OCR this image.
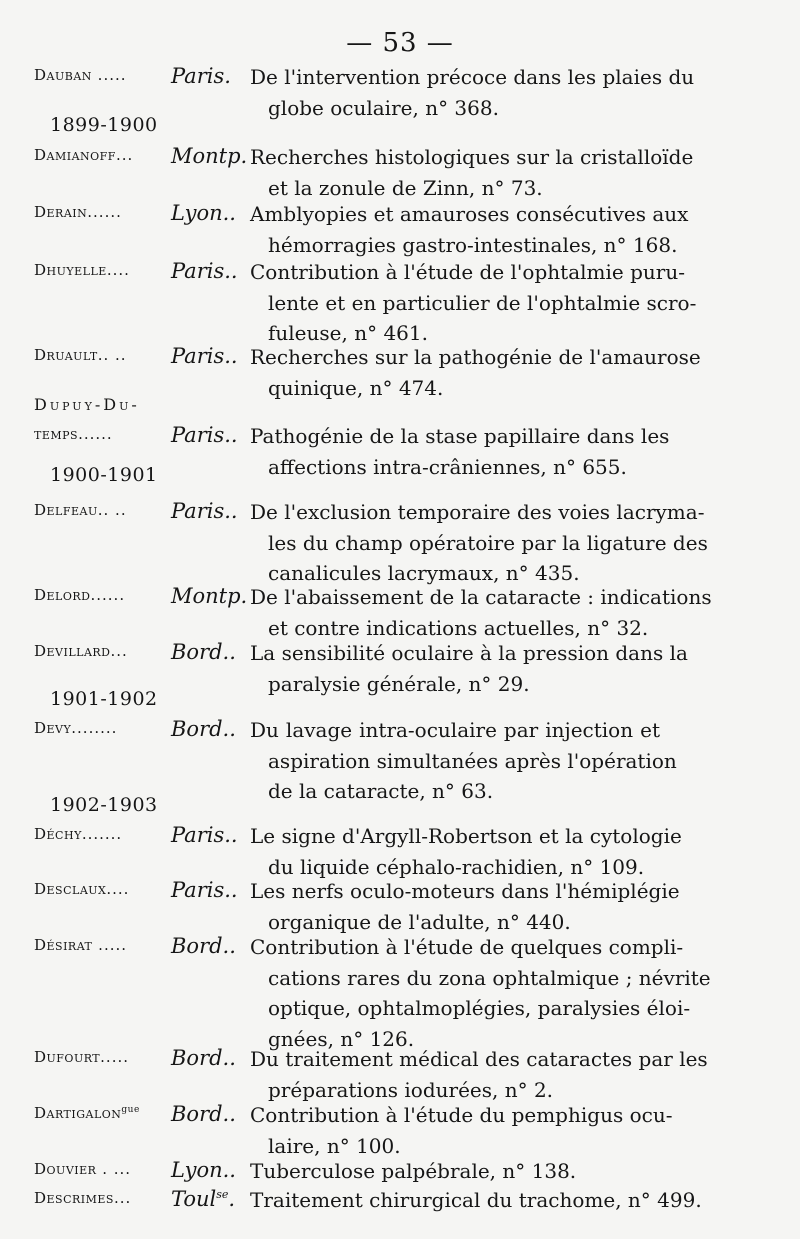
— 53 —
Dauban ..... Paris. De l'intervention précoce dans les plaies du
globe oculaire, n° 368.
1899-1900
Damianoff... Montp. Recherches histologiques sur la cristalloïde
et la zonule de Zinn, n° 73.
Derain...... Lyon.. Amblyopies et amauroses consécutives aux
hémorragies gastro-intestinales, n° 168.
Dhuyelle.... Paris.. Contribution à l'étude de l'ophtalmie puru-
lente et en particulier de l'ophtalmie scro-
fuleuse, n° 461.
Druault.. .. Paris.. Recherches sur la pathogénie de l'amaurose
quinique, n° 474.
Dupuy-Du-
temps......	Paris.. Pathogénie de la stase papillaire dans les
affections intra-crâniennes, n° 655.
1900-1901
Delfeau.. .. Paris.. De l'exclusion temporaire des voies lacryma-
les du champ opératoire par la ligature des
canalicules lacrymaux, n° 435.
Delord...... Montp. De l'abaissement de la cataracte : indications
et contre indications actuelles, n° 32.
Devillard... Bord.. La sensibilité oculaire à la pression dans la
paralysie générale, n° 29.
1901-1902
Devy........	Bord.. Du lavage intra-oculaire par injection et
aspiration simultanées après l'opération
de la cataracte, n° 63.
1902-1903
Déchy....... Paris.. Le signe d'Argyll-Robertson et la cytologie
du liquide céphalo-rachidien, n° 109.
Desclaux.... Paris.. Les nerfs oculo-moteurs dans l'hémiplégie
organique de l'adulte, n° 440.
Désirat ..... Bord.. Contribution à l'étude de quelques compli-
cations rares du zona ophtalmique ; névrite
optique, ophtalmoplégies, paralysies éloi-
gnées, n° 126.
Dufourt..... Bord.. Du traitement médical des cataractes par les
préparations iodurées, n° 2.
Dartigalon$^{gue}$ Bord.. Contribution à l'étude du pemphigus ocu-
laire, n° 100.
Douvier . ... Lyon.. Tuberculose palpébrale, n° 138.
Descrimes... Toul$^{se}$. Traitement chirurgical du trachome, n° 499.
